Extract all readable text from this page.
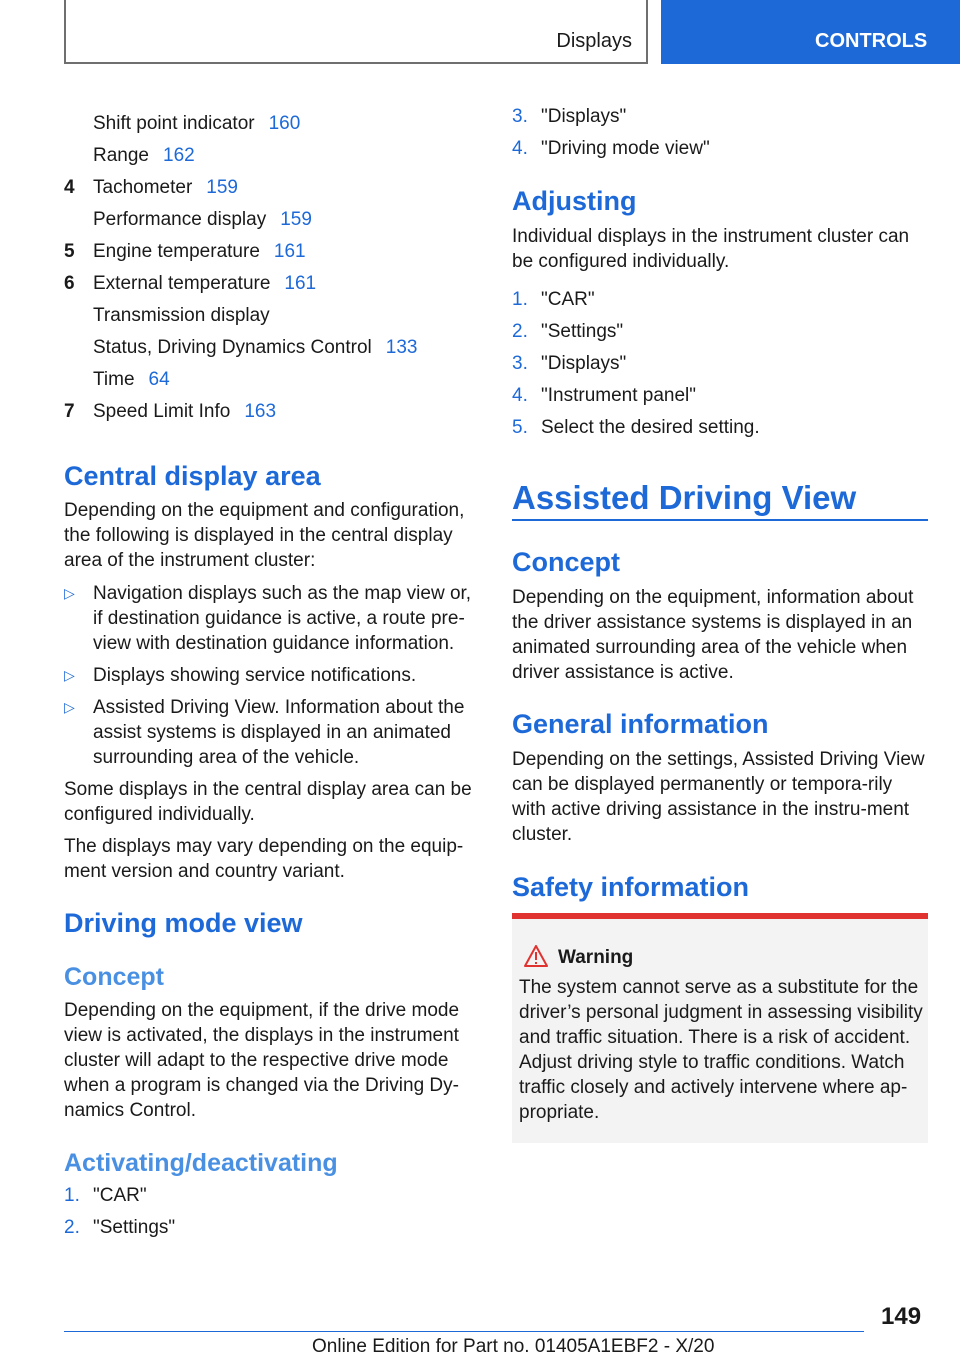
Displays	CONTROLS
Shift point indicator 160
Range 162
4 Tachometer 159
Performance display 159
5 Engine temperature 161
6 External temperature 161
Transmission display
Status, Driving Dynamics Control 133
Time 64
7 Speed Limit Info 163
Central display area
Depending on the equipment and configuration, the following is displayed in the central display area of the instrument cluster:
▷ Navigation displays such as the map view or, if destination guidance is active, a route pre-view with destination guidance information.
▷ Displays showing service notifications.
▷ Assisted Driving View. Information about the assist systems is displayed in an animated surrounding area of the vehicle.
Some displays in the central display area can be configured individually.
The displays may vary depending on the equip-ment version and country variant.
Driving mode view
Concept
Depending on the equipment, if the drive mode view is activated, the displays in the instrument cluster will adapt to the respective drive mode when a program is changed via the Driving Dy-namics Control.
Activating/deactivating
1. "CAR"
2. "Settings"
3. "Displays"
4. "Driving mode view"
Adjusting
Individual displays in the instrument cluster can be configured individually.
1. "CAR"
2. "Settings"
3. "Displays"
4. "Instrument panel"
5. Select the desired setting.
Assisted Driving View
Concept
Depending on the equipment, information about the driver assistance systems is displayed in an animated surrounding area of the vehicle when driver assistance is active.
General information
Depending on the settings, Assisted Driving View can be displayed permanently or tempora-rily with active driving assistance in the instru-ment cluster.
Safety information
Warning
The system cannot serve as a substitute for the driver’s personal judgment in assessing visibility and traffic situation. There is a risk of accident. Adjust driving style to traffic conditions. Watch traffic closely and actively intervene where ap-propriate.
149
Online Edition for Part no. 01405A1EBF2 - X/20
